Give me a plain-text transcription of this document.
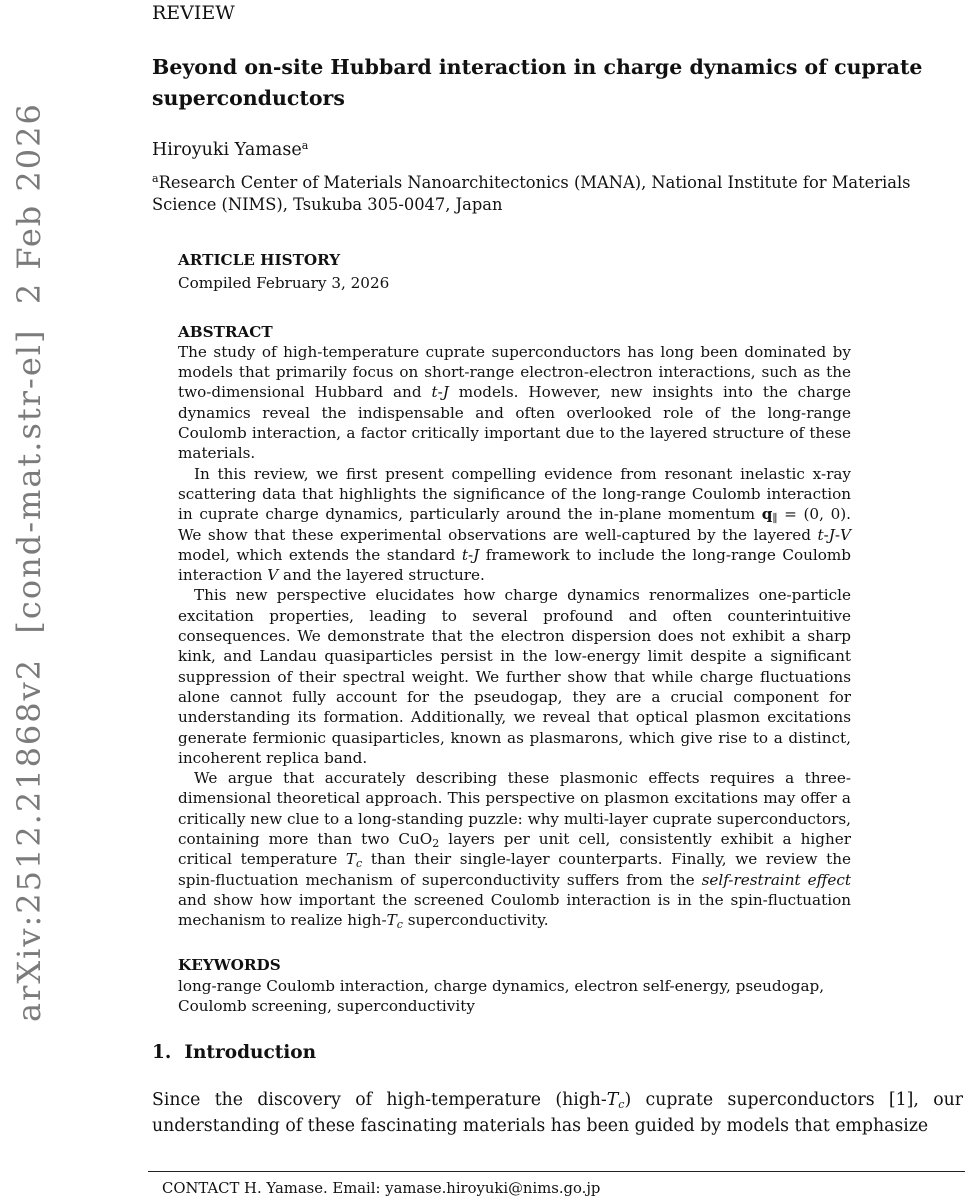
arXiv:2512.21868v2  [cond-mat.str-el]  2 Feb 2026
REVIEW
Beyond on-site Hubbard interaction in charge dynamics of cuprate superconductors
Hiroyuki Yamase$^a$
$^a$Research Center of Materials Nanoarchitectonics (MANA), National Institute for Materials Science (NIMS), Tsukuba 305-0047, Japan
ARTICLE HISTORY

Compiled February 3, 2026

ABSTRACT

The study of high-temperature cuprate superconductors has long been dominated by models that primarily focus on short-range electron-electron interactions, such as the two-dimensional Hubbard and t-J models. However, new insights into the charge dynamics reveal the indispensable and often overlooked role of the long-range Coulomb interaction, a factor critically important due to the layered structure of these materials.

In this review, we first present compelling evidence from resonant inelastic x-ray scattering data that highlights the significance of the long-range Coulomb interaction in cuprate charge dynamics, particularly around the in-plane momentum $q_\parallel = (0$, 0). We show that these experimental observations are well-captured by the layered t-J-V model, which extends the standard t-J framework to include the long-range Coulomb interaction V and the layered structure.

This new perspective elucidates how charge dynamics renormalizes one-particle excitation properties, leading to several profound and often counterintuitive consequences. We demonstrate that the electron dispersion does not exhibit a sharp kink, and Landau quasiparticles persist in the low-energy limit despite a significant suppression of their spectral weight. We further show that while charge fluctuations alone cannot fully account for the pseudogap, they are a crucial component for understanding its formation. Additionally, we reveal that optical plasmon excitations generate fermionic quasiparticles, known as plasmarons, which give rise to a distinct, incoherent replica band.

We argue that accurately describing these plasmonic effects requires a three-dimensional theoretical approach. This perspective on plasmon excitations may offer a critically new clue to a long-standing puzzle: why multi-layer cuprate superconductors, containing more than two CuO$_2$ layers per unit cell, consistently exhibit a higher critical temperature $T_c$ than their single-layer counterparts. Finally, we review the spin-fluctuation mechanism of superconductivity suffers from the self-restraint effect and show how important the screened Coulomb interaction is in the spin-fluctuation mechanism to realize high-$T_c$ superconductivity.

KEYWORDS

long-range Coulomb interaction, charge dynamics, electron self-energy, pseudogap, Coulomb screening, superconductivity

1. Introduction

Since the discovery of high-temperature $(high-T_c)$ cuprate superconductors [1], our understanding of these fascinating materials has been guided by models that emphasize

CONTACT H. Yamase. Email: yamase.hiroyuki@nims.go.jp
